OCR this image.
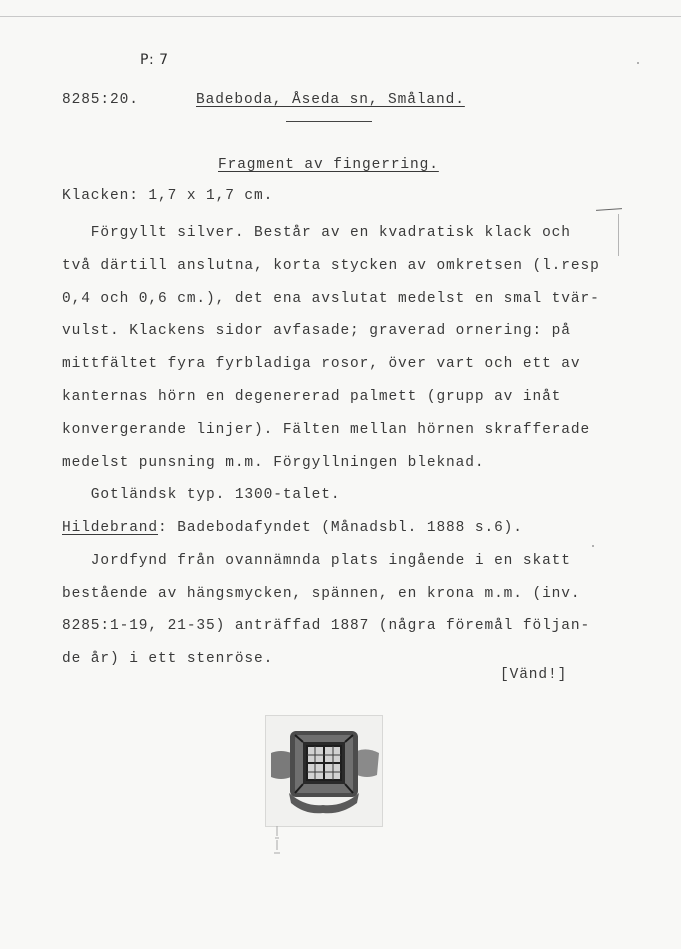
P: 7
8285:20.	Badeboda, Åseda sn, Småland.
Fragment av fingerring.
Klacken: 1,7 x 1,7 cm.
Förgyllt silver. Består av en kvadratisk klack och
två därtill anslutna, korta stycken av omkretsen (l.resp
0,4 och 0,6 cm.), det ena avslutat medelst en smal tvär-
vulst. Klackens sidor avfasade; graverad ornering: på
mittfältet fyra fyrbladiga rosor, över vart och ett av
kanternas hörn en degenererad palmett (grupp av inåt
konvergerande linjer). Fälten mellan hörnen skrafferade
medelst punsning m.m. Förgyllningen bleknad.
Gotländsk typ. 1300-talet.
Hildebrand: Badebodafyndet (Månadsbl. 1888 s.6).
Jordfynd från ovannämnda plats ingående i en skatt
bestående av hängsmycken, spännen, en krona m.m. (inv.
8285:1-19, 21-35) anträffad 1887 (några föremål följan-
de år) i ett stenröse.
[Vänd!]
